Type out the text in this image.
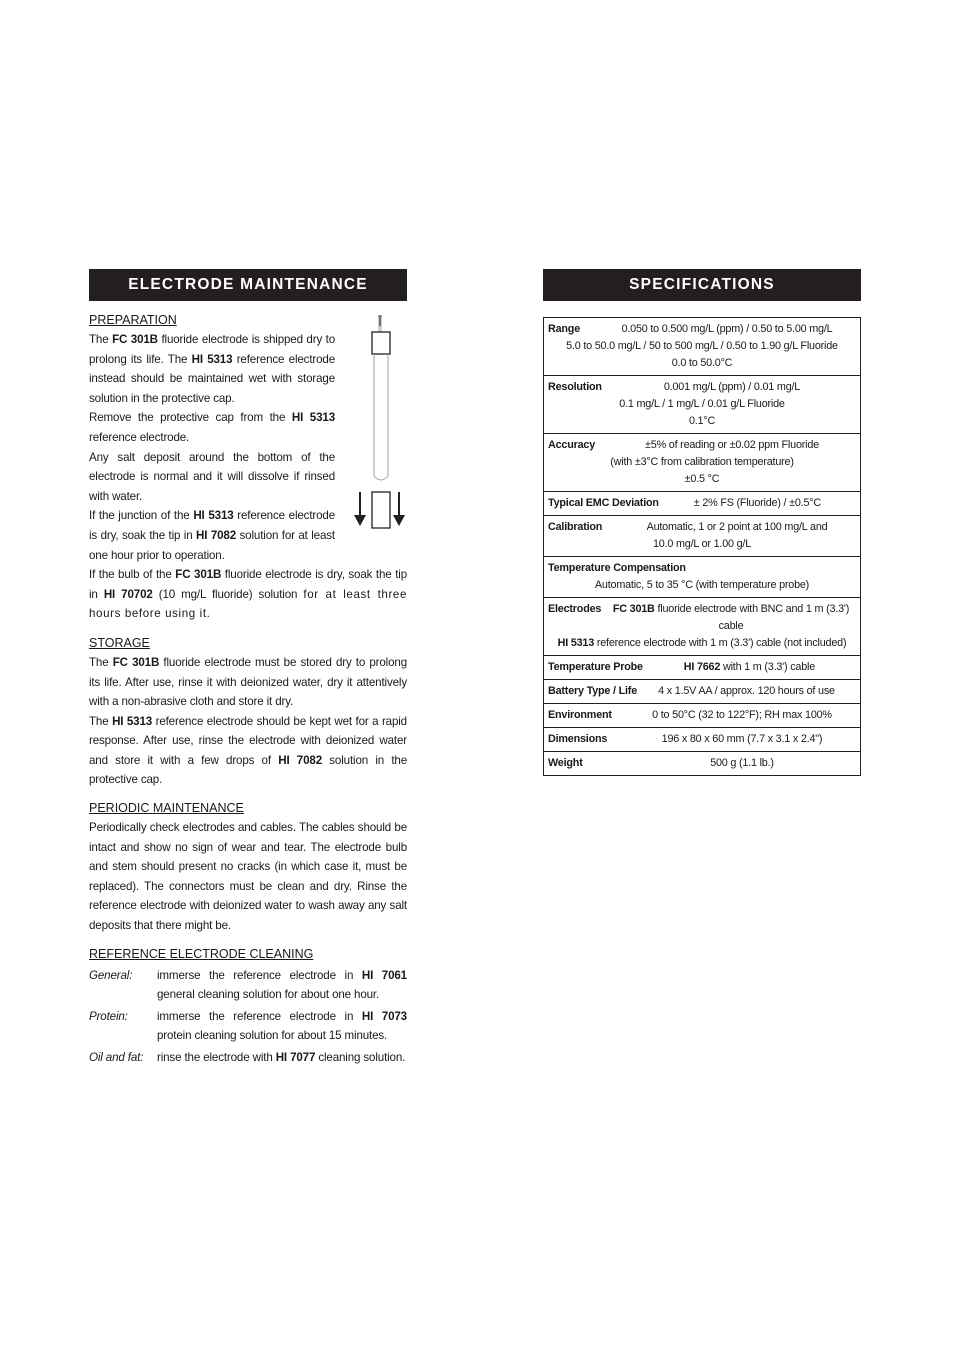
ELECTRODE MAINTENANCE

PREPARATION

The FC 301B fluoride electrode is shipped dry to prolong its life. The HI 5313 reference electrode instead should be maintained wet with storage solution in the protective cap.

Remove the protective cap from the HI 5313 reference electrode.

Any salt deposit around the bottom of the electrode is normal and it will dissolve if rinsed with water.

If the junction of the HI 5313 reference electrode is dry, soak the tip in HI 7082 solution for at least one hour prior to operation.

If the bulb of the FC 301B fluoride electrode is dry, soak the tip in HI 70702 (10 mg/L fluoride) solution for at least three hours before using it.

STORAGE

The FC 301B fluoride electrode must be stored dry to prolong its life. After use, rinse it with deionized water, dry it attentively with a non-abrasive cloth and store it dry.

The HI 5313 reference electrode should be kept wet for a rapid response. After use, rinse the electrode with deionized water and store it with a few drops of HI 7082 solution in the protective cap.

PERIODIC MAINTENANCE

Periodically check electrodes and cables. The cables should be intact and show no sign of wear and tear. The electrode bulb and stem should present no cracks (in which case it, must be replaced). The connectors must be clean and dry. Rinse the reference electrode with deionized water to wash away any salt deposits that there might be.

REFERENCE ELECTRODE CLEANING

General:	immerse the reference electrode in HI 7061 general cleaning solution for about one hour.
Protein:	immerse the reference electrode in HI 7073 protein cleaning solution for about 15 minutes.
Oil and fat:	rinse the electrode with HI 7077 cleaning solution.
SPECIFICATIONS
Range	0.050 to 0.500 mg/L (ppm) / 0.50 to 5.00 mg/L
5.0 to 50.0 mg/L / 50 to 500 mg/L / 0.50 to 1.90 g/L Fluoride
0.0 to 50.0°C

Resolution	0.001 mg/L (ppm) / 0.01 mg/L
0.1 mg/L / 1 mg/L / 0.01 g/L Fluoride
0.1°C

Accuracy	±5% of reading or ±0.02 ppm Fluoride
(with ±3°C from calibration temperature)
±0.5 °C

Typical EMC Deviation	± 2% FS (Fluoride) / ±0.5°C

Calibration	Automatic, 1 or 2 point at 100 mg/L and
10.0 mg/L or 1.00 g/L

Temperature Compensation
Automatic, 5 to 35 °C (with temperature probe)

Electrodes	FC 301B fluoride electrode with BNC and 1 m (3.3') cable
HI 5313 reference electrode with 1 m (3.3') cable (not included)

Temperature Probe	HI 7662 with 1 m (3.3') cable

Battery Type / Life	4 x 1.5V AA / approx. 120 hours of use

Environment	0 to 50°C (32 to 122°F); RH max 100%

Dimensions	196 x 80 x 60 mm (7.7 x 3.1 x 2.4")

Weight	500 g (1.1 lb.)
